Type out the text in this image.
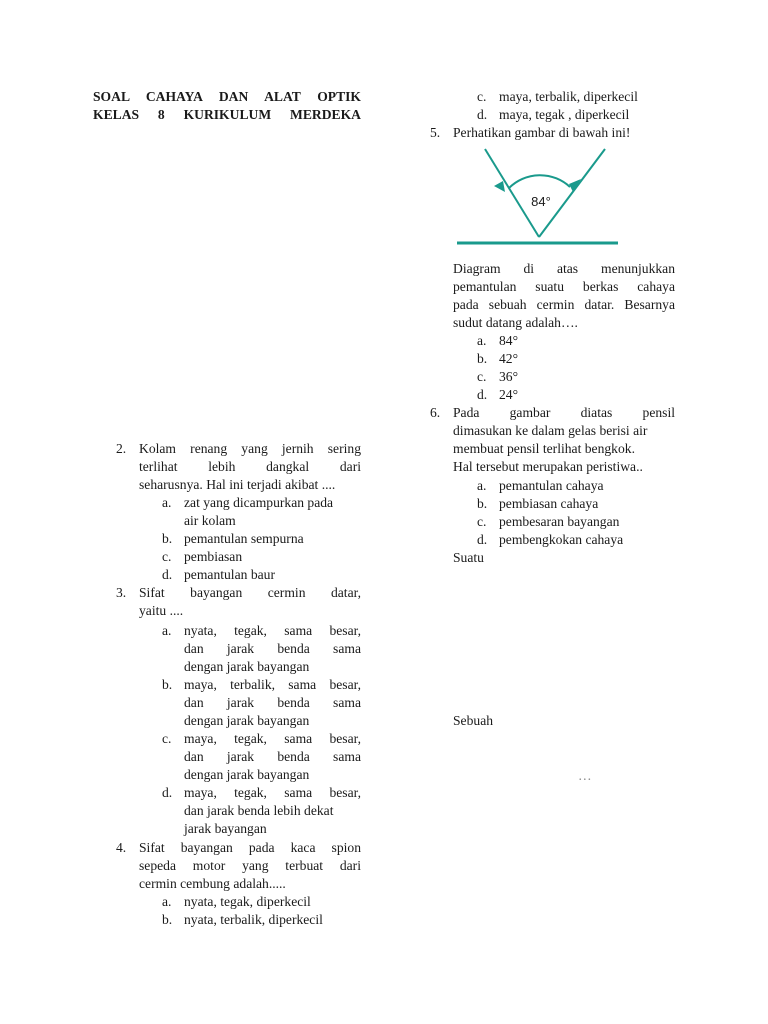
SOAL CAHAYA DAN ALAT OPTIK
KELAS 8 KURIKULUM MERDEKA
2. Kolam renang yang jernih sering
terlihat lebih dangkal dari
seharusnya. Hal ini terjadi akibat ....
a. zat yang dicampurkan pada
air kolam
b. pemantulan sempurna
c. pembiasan
d. pemantulan baur
3. Sifat bayangan cermin datar,
yaitu ....
a. nyata, tegak, sama besar,
dan jarak benda sama
dengan jarak bayangan
b. maya, terbalik, sama besar,
dan jarak benda sama
dengan jarak bayangan
c. maya, tegak, sama besar,
dan jarak benda sama
dengan jarak bayangan
d. maya, tegak, sama besar,
dan jarak benda lebih dekat
jarak bayangan
4. Sifat bayangan pada kaca spion
sepeda motor yang terbuat dari
cermin cembung adalah.....
a. nyata, tegak, diperkecil
b. nyata, terbalik, diperkecil
c. maya, terbalik, diperkecil
d. maya, tegak , diperkecil
5. Perhatikan gambar di bawah ini!
84°
Diagram di atas menunjukkan
pemantulan suatu berkas cahaya
pada sebuah cermin datar. Besarnya
sudut datang adalah….
a. 84°
b. 42°
c. 36°
d. 24°
6. Pada gambar diatas pensil
dimasukan ke dalam gelas berisi air
membuat pensil terlihat bengkok.
Hal tersebut merupakan peristiwa..
a. pemantulan cahaya
b. pembiasan cahaya
c. pembesaran bayangan
d. pembengkokan cahaya
Suatu
Sebuah
…
